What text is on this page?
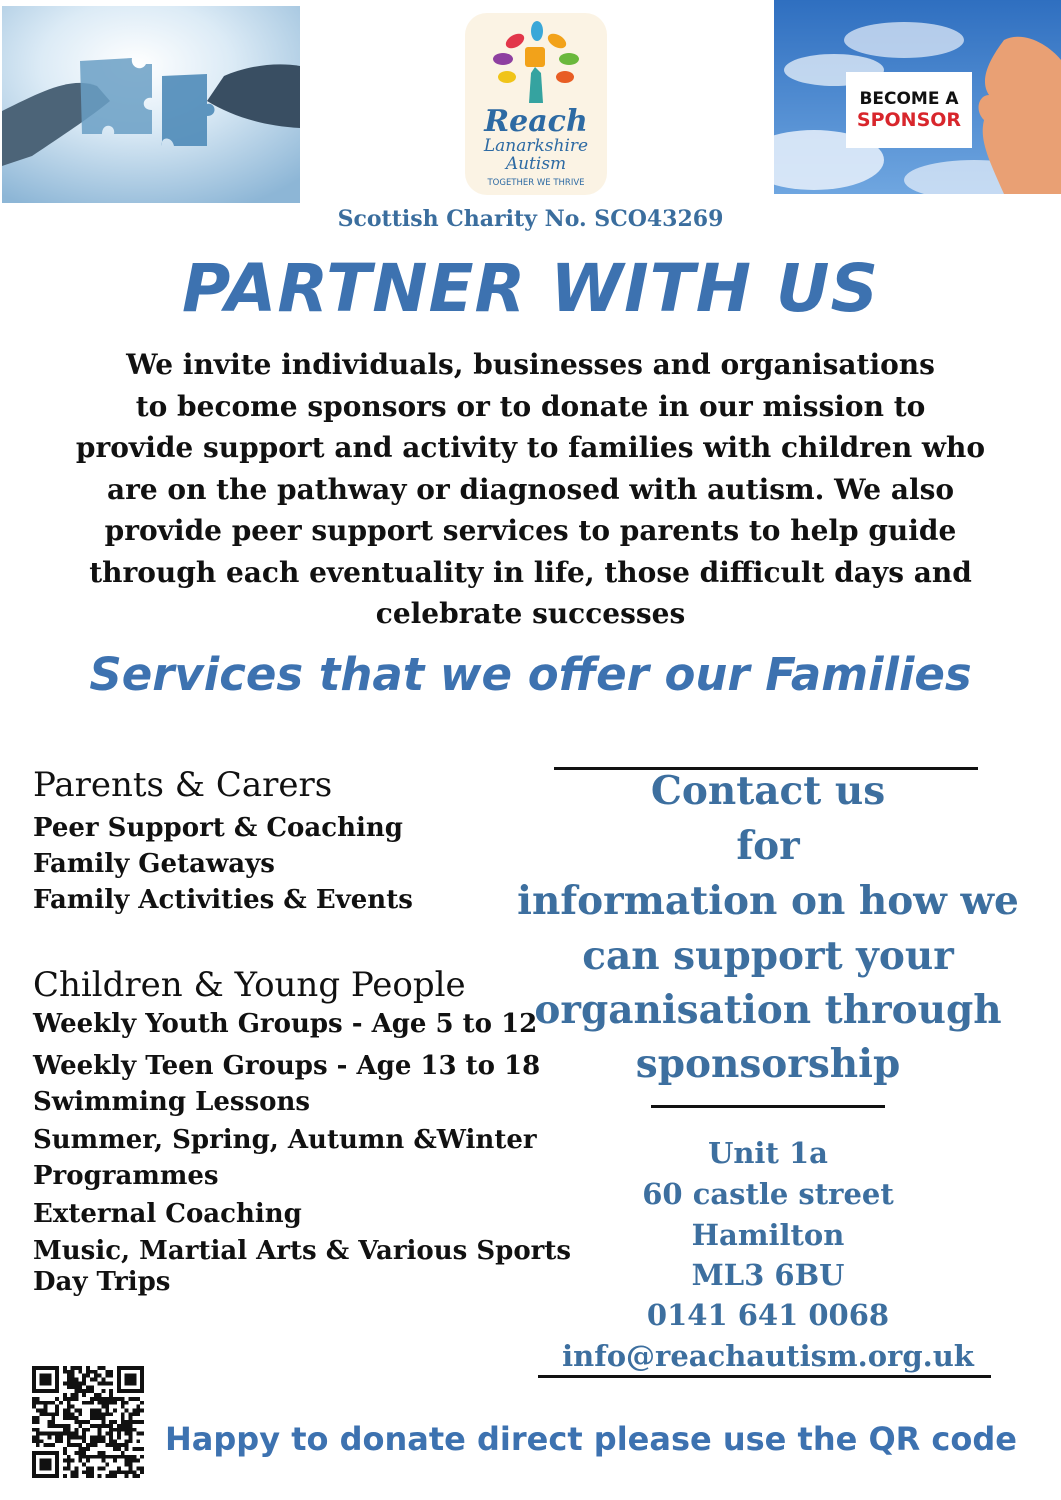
Reach
Lanarkshire
Autism
TOGETHER WE THRIVE
BECOME A
SPONSOR
Scottish Charity No. SCO43269
PARTNER WITH US
We invite individuals, businesses and organisations
to become sponsors or to donate in our mission to
provide support and activity to families with children who
are on the pathway or diagnosed with autism. We also
provide peer support services to parents to help guide
through each eventuality in life, those difficult days and
celebrate successes
Services that we offer our Families
Parents & Carers
Peer Support & Coaching
Family Getaways
Family Activities & Events
Children & Young People
Weekly Youth Groups - Age 5 to 12
Weekly Teen Groups - Age 13 to 18
Swimming Lessons
Summer, Spring, Autumn &Winter
Programmes
External Coaching
Music, Martial Arts & Various Sports
Day Trips
Contact us
for
information on how we
can support your
organisation through
sponsorship
Unit 1a
60 castle street
Hamilton
ML3 6BU
0141 641 0068
info@reachautism.org.uk
Happy to donate direct please use the QR code
